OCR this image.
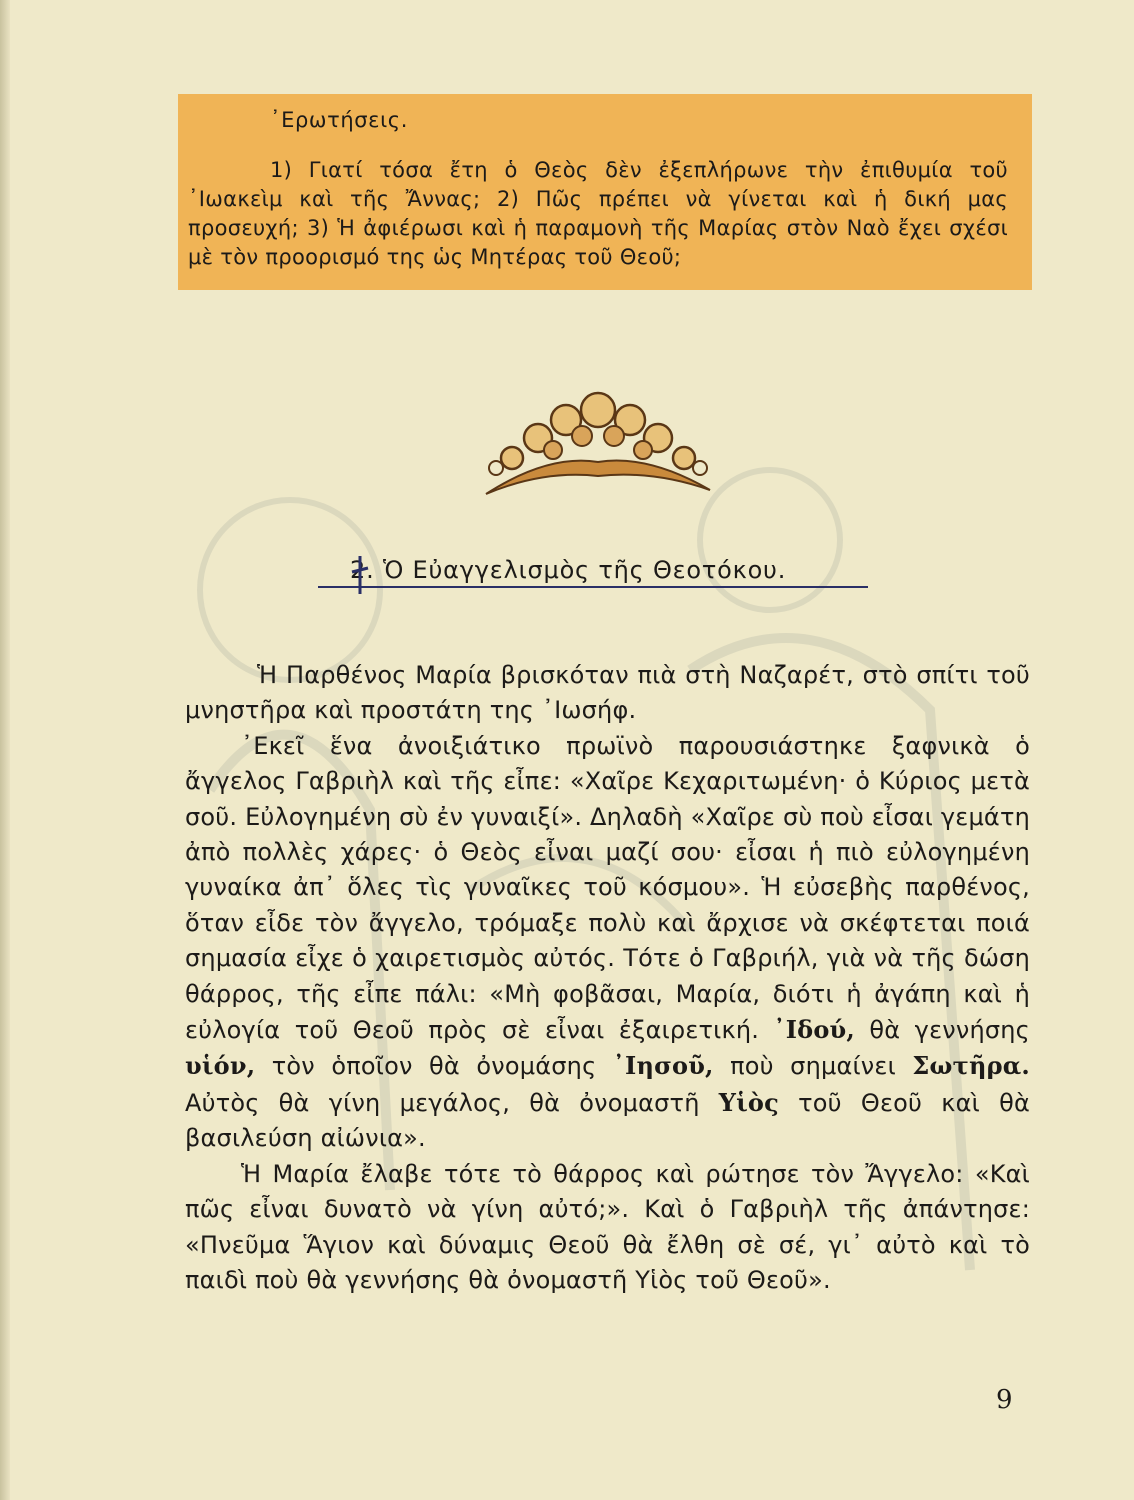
᾿Ερωτήσεις.

1) Γιατί τόσα ἔτη ὁ Θεὸς δὲν ἐξεπλήρωνε τὴν ἐπιθυμία τοῦ ᾿Ιωακεὶμ καὶ τῆς Ἄννας; 2) Πῶς πρέπει νὰ γίνεται καὶ ἡ δική μας προσευχή; 3) Ἡ ἀφιέρωσι καὶ ἡ παραμονὴ τῆς Μαρίας στὸν Ναὸ ἔχει σχέσι μὲ τὸν προορισμό της ὡς Μητέρας τοῦ Θεοῦ;

2. Ὁ Εὐαγγελισμὸς τῆς Θεοτόκου.

Ἡ Παρθένος Μαρία βρισκόταν πιὰ στὴ Ναζαρέτ, στὸ σπίτι τοῦ μνηστῆρα καὶ προστάτη της ᾿Ιωσήφ.

᾿Εκεῖ ἕνα ἀνοιξιάτικο πρωϊνὸ παρουσιάστηκε ξαφνικὰ ὁ ἄγγελος Γαβριὴλ καὶ τῆς εἶπε: «Χαῖρε Κεχαριτωμένη· ὁ Κύριος μετὰ σοῦ. Εὐλογημένη σὺ ἐν γυναιξί». Δηλαδὴ «Χαῖρε σὺ ποὺ εἶσαι γεμάτη ἀπὸ πολλὲς χάρες· ὁ Θεὸς εἶναι μαζί σου· εἶσαι ἡ πιὸ εὐλογημένη γυναίκα ἀπ᾿ ὅλες τὶς γυναῖκες τοῦ κόσμου». Ἡ εὐσεβὴς παρθένος, ὅταν εἶδε τὸν ἄγγελο, τρόμαξε πολὺ καὶ ἄρχισε νὰ σκέφτεται ποιά σημασία εἶχε ὁ χαιρετισμὸς αὐτός. Τότε ὁ Γαβριήλ, γιὰ νὰ τῆς δώση θάρρος, τῆς εἶπε πάλι: «Μὴ φοβᾶσαι, Μαρία, διότι ἡ ἀγάπη καὶ ἡ εὐλογία τοῦ Θεοῦ πρὸς σὲ εἶναι ἐξαιρετική. ᾿Ιδού, θὰ γεννήσης υἱόν, τὸν ὁποῖον θὰ ὀνομάσης ᾿Ιησοῦ, ποὺ σημαίνει Σωτῆρα. Αὐτὸς θὰ γίνη μεγάλος, θὰ ὀνομαστῆ Υἱὸς τοῦ Θεοῦ καὶ θὰ βασιλεύση αἰώνια».

Ἡ Μαρία ἔλαβε τότε τὸ θάρρος καὶ ρώτησε τὸν Ἄγγελο: «Καὶ πῶς εἶναι δυνατὸ νὰ γίνη αὐτό;». Καὶ ὁ Γαβριὴλ τῆς ἀπάντησε: «Πνεῦμα Ἅγιον καὶ δύναμις Θεοῦ θὰ ἔλθη σὲ σέ, γι᾿ αὐτὸ καὶ τὸ παιδὶ ποὺ θὰ γεννήσης θὰ ὀνομαστῆ Υἱὸς τοῦ Θεοῦ».

9
